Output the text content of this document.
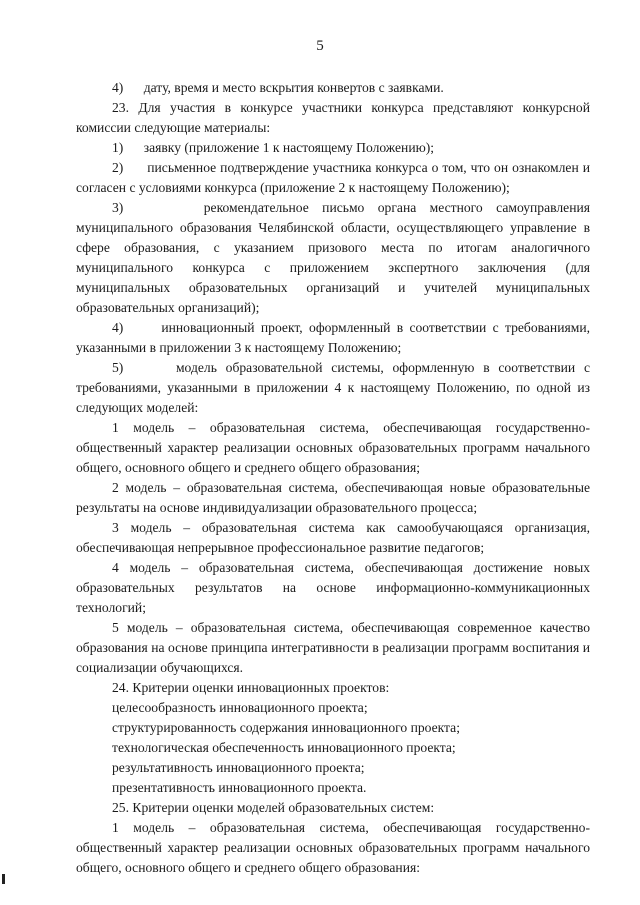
5

4)      дату, время и место вскрытия конвертов с заявками.

23. Для участия в конкурсе участники конкурса представляют конкурсной комиссии следующие материалы:

1)      заявку (приложение 1 к настоящему Положению);

2)      письменное подтверждение участника конкурса о том, что он ознакомлен и согласен с условиями конкурса (приложение 2 к настоящему Положению);

3)      рекомендательное письмо органа местного самоуправления муниципального образования Челябинской области, осуществляющего управление в сфере образования, с указанием призового места по итогам аналогичного муниципального конкурса с приложением экспертного заключения (для муниципальных образовательных организаций и учителей муниципальных образовательных организаций);

4)      инновационный проект, оформленный в соответствии с требованиями, указанными в приложении 3 к настоящему Положению;

5)      модель образовательной системы, оформленную в соответствии с требованиями, указанными в приложении 4 к настоящему Положению, по одной из следующих моделей:

1 модель – образовательная система, обеспечивающая государственно-общественный характер реализации основных образовательных программ начального общего, основного общего и среднего общего образования;

2 модель – образовательная система, обеспечивающая новые образовательные результаты на основе индивидуализации образовательного процесса;

3 модель – образовательная система как самообучающаяся организация, обеспечивающая непрерывное профессиональное развитие педагогов;

4 модель – образовательная система, обеспечивающая достижение новых образовательных результатов на основе информационно-коммуникационных технологий;

5 модель – образовательная система, обеспечивающая современное качество образования на основе принципа интегративности в реализации программ воспитания и социализации обучающихся.

24. Критерии оценки инновационных проектов:

целесообразность инновационного проекта;

структурированность содержания инновационного проекта;

технологическая обеспеченность инновационного проекта;

результативность инновационного проекта;

презентативность инновационного проекта.

25. Критерии оценки моделей образовательных систем:

1 модель – образовательная система, обеспечивающая государственно-общественный характер реализации основных образовательных программ начального общего, основного общего и среднего общего образования:
